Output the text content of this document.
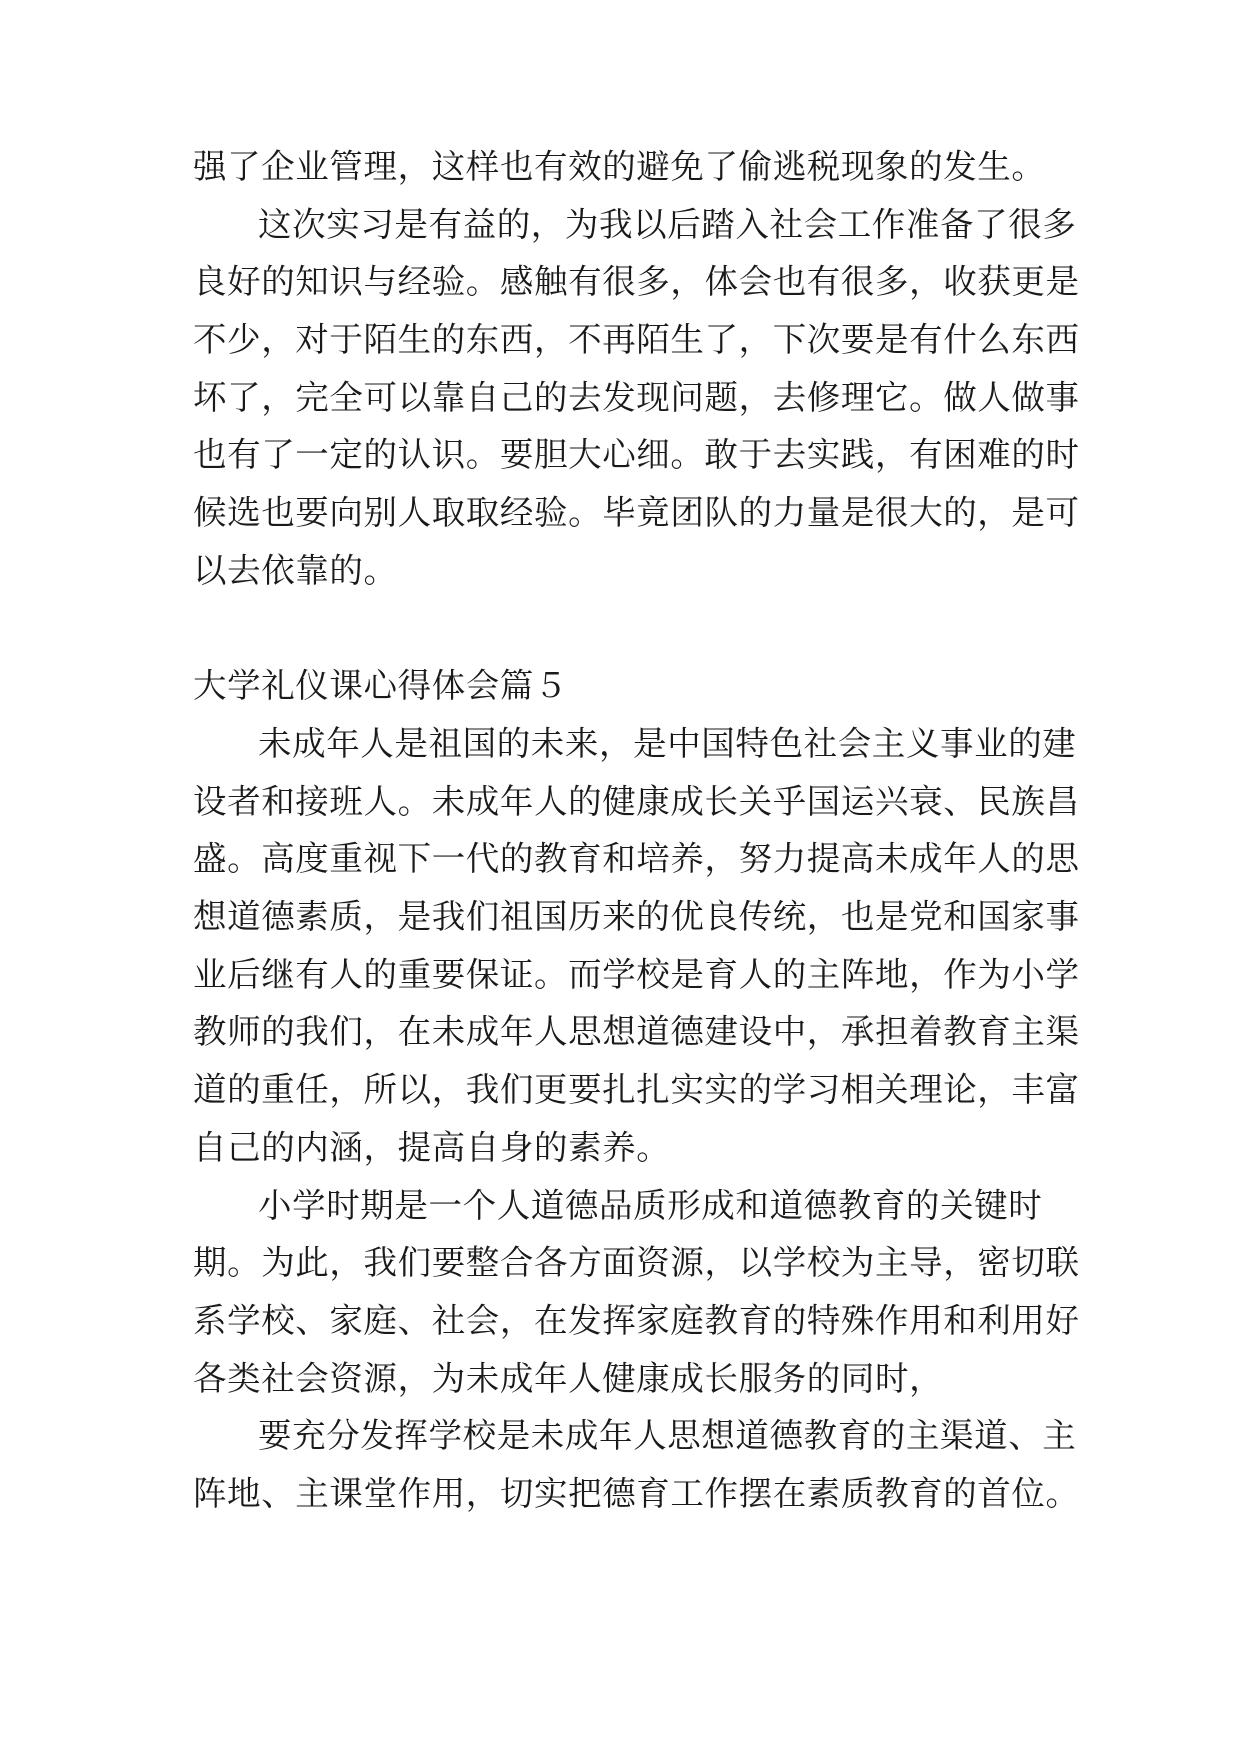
强了企业管理，这样也有效的避免了偷逃税现象的发生。
这次实习是有益的，为我以后踏入社会工作准备了很多
良好的知识与经验。感触有很多，体会也有很多，收获更是
不少，对于陌生的东西，不再陌生了，下次要是有什么东西
坏了，完全可以靠自己的去发现问题，去修理它。做人做事
也有了一定的认识。要胆大心细。敢于去实践，有困难的时
候选也要向别人取取经验。毕竟团队的力量是很大的，是可
以去依靠的。
大学礼仪课心得体会篇５
未成年人是祖国的未来，是中国特色社会主义事业的建
设者和接班人。未成年人的健康成长关乎国运兴衰、民族昌
盛。高度重视下一代的教育和培养，努力提高未成年人的思
想道德素质，是我们祖国历来的优良传统，也是党和国家事
业后继有人的重要保证。而学校是育人的主阵地，作为小学
教师的我们，在未成年人思想道德建设中，承担着教育主渠
道的重任，所以，我们更要扎扎实实的学习相关理论，丰富
自己的内涵，提高自身的素养。
小学时期是一个人道德品质形成和道德教育的关键时
期。为此，我们要整合各方面资源，以学校为主导，密切联
系学校、家庭、社会，在发挥家庭教育的特殊作用和利用好
各类社会资源，为未成年人健康成长服务的同时，
要充分发挥学校是未成年人思想道德教育的主渠道、主
阵地、主课堂作用，切实把德育工作摆在素质教育的首位。
